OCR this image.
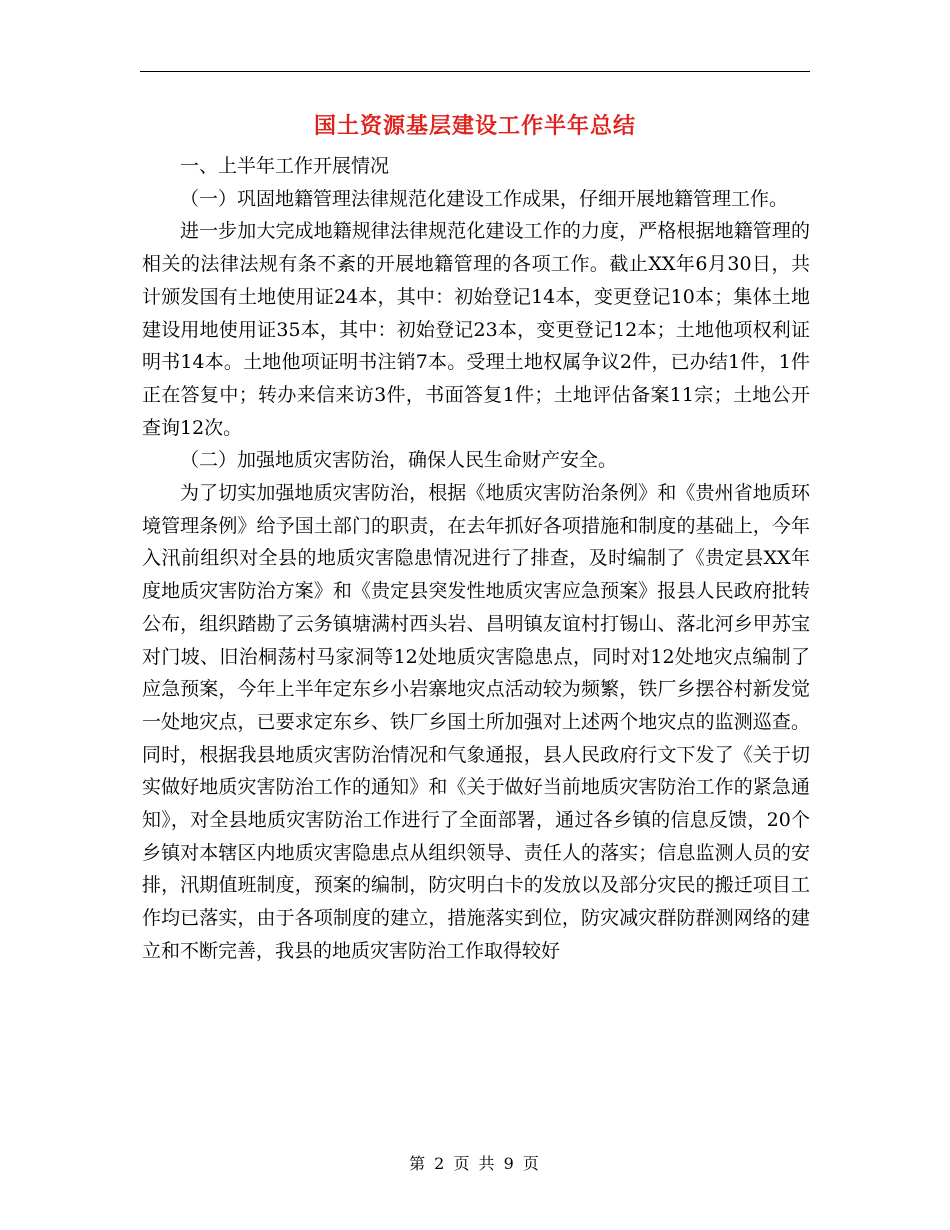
国土资源基层建设工作半年总结

一、上半年工作开展情况

（一）巩固地籍管理法律规范化建设工作成果，仔细开展地籍管理工作。

进一步加大完成地籍规律法律规范化建设工作的力度，严格根据地籍管理的相关的法律法规有条不紊的开展地籍管理的各项工作。截止XX年6月30日，共计颁发国有土地使用证24本，其中：初始登记14本，变更登记10本；集体土地建设用地使用证35本，其中：初始登记23本，变更登记12本；土地他项权利证明书14本。土地他项证明书注销7本。受理土地权属争议2件，已办结1件，1件正在答复中；转办来信来访3件，书面答复1件；土地评估备案11宗；土地公开查询12次。

（二）加强地质灾害防治，确保人民生命财产安全。

为了切实加强地质灾害防治，根据《地质灾害防治条例》和《贵州省地质环境管理条例》给予国土部门的职责，在去年抓好各项措施和制度的基础上，今年入汛前组织对全县的地质灾害隐患情况进行了排查，及时编制了《贵定县XX年度地质灾害防治方案》和《贵定县突发性地质灾害应急预案》报县人民政府批转公布，组织踏勘了云务镇塘满村西头岩、昌明镇友谊村打锡山、落北河乡甲苏宝对门坡、旧治桐荡村马家洞等12处地质灾害隐患点，同时对12处地灾点编制了应急预案，今年上半年定东乡小岩寨地灾点活动较为频繁，铁厂乡摆谷村新发觉一处地灾点，已要求定东乡、铁厂乡国土所加强对上述两个地灾点的监测巡查。同时，根据我县地质灾害防治情况和气象通报，县人民政府行文下发了《关于切实做好地质灾害防治工作的通知》和《关于做好当前地质灾害防治工作的紧急通知》，对全县地质灾害防治工作进行了全面部署，通过各乡镇的信息反馈，20个乡镇对本辖区内地质灾害隐患点从组织领导、责任人的落实；信息监测人员的安排，汛期值班制度，预案的编制，防灾明白卡的发放以及部分灾民的搬迁项目工作均已落实，由于各项制度的建立，措施落实到位，防灾减灾群防群测网络的建立和不断完善，我县的地质灾害防治工作取得较好

第 2 页 共 9 页
